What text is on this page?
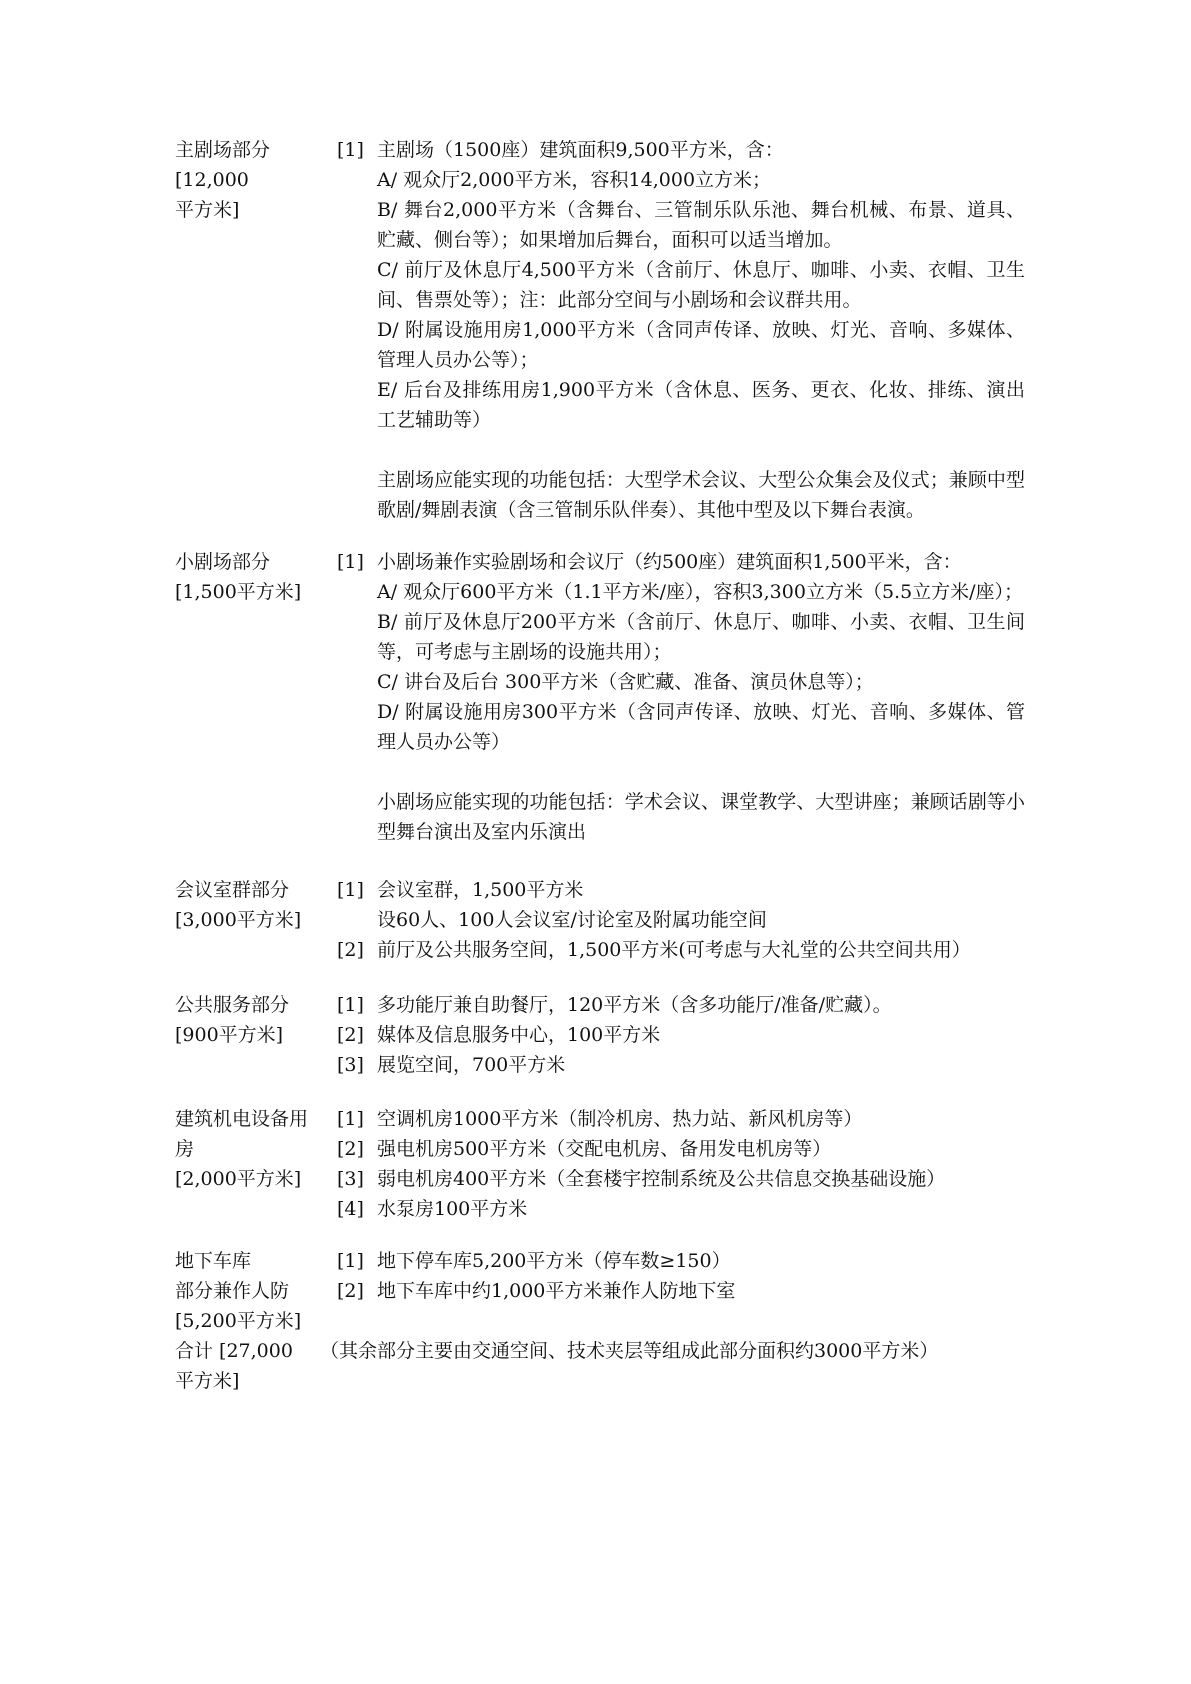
主剧场部分
[12,000
平方米]
[1] 主剧场（1500座）建筑面积9,500平方米，含：
A/ 观众厅2,000平方米，容积14,000立方米；
B/ 舞台2,000平方米（含舞台、三管制乐队乐池、舞台机械、布景、道具、贮藏、侧台等）；如果增加后舞台，面积可以适当增加。
C/ 前厅及休息厅4,500平方米（含前厅、休息厅、咖啡、小卖、衣帽、卫生间、售票处等）；注：此部分空间与小剧场和会议群共用。
D/ 附属设施用房1,000平方米（含同声传译、放映、灯光、音响、多媒体、管理人员办公等）；
E/ 后台及排练用房1,900平方米（含休息、医务、更衣、化妆、排练、演出工艺辅助等）
主剧场应能实现的功能包括：大型学术会议、大型公众集会及仪式；兼顾中型歌剧/舞剧表演（含三管制乐队伴奏）、其他中型及以下舞台表演。
小剧场部分
[1,500平方米]
[1] 小剧场兼作实验剧场和会议厅（约500座）建筑面积1,500平米，含：
A/ 观众厅600平方米（1.1平方米/座），容积3,300立方米（5.5立方米/座）；
B/ 前厅及休息厅200平方米（含前厅、休息厅、咖啡、小卖、衣帽、卫生间等，可考虑与主剧场的设施共用）；
C/ 讲台及后台 300平方米（含贮藏、准备、演员休息等）；
D/ 附属设施用房300平方米（含同声传译、放映、灯光、音响、多媒体、管理人员办公等）
小剧场应能实现的功能包括：学术会议、课堂教学、大型讲座；兼顾话剧等小型舞台演出及室内乐演出
会议室群部分
[3,000平方米]
[1] 会议室群，1,500平方米
设60人、100人会议室/讨论室及附属功能空间
[2] 前厅及公共服务空间，1,500平方米(可考虑与大礼堂的公共空间共用）
公共服务部分
[900平方米]
[1] 多功能厅兼自助餐厅，120平方米（含多功能厅/准备/贮藏）。
[2] 媒体及信息服务中心，100平方米
[3] 展览空间，700平方米
建筑机电设备用房
[2,000平方米]
[1] 空调机房1000平方米（制冷机房、热力站、新风机房等）
[2] 强电机房500平方米（交配电机房、备用发电机房等）
[3] 弱电机房400平方米（全套楼宇控制系统及公共信息交换基础设施）
[4] 水泵房100平方米
地下车库
部分兼作人防
[5,200平方米]
[1] 地下停车库5,200平方米（停车数≥150）
[2] 地下车库中约1,000平方米兼作人防地下室
合计 [27,000
平方米]
（其余部分主要由交通空间、技术夹层等组成此部分面积约3000平方米）
